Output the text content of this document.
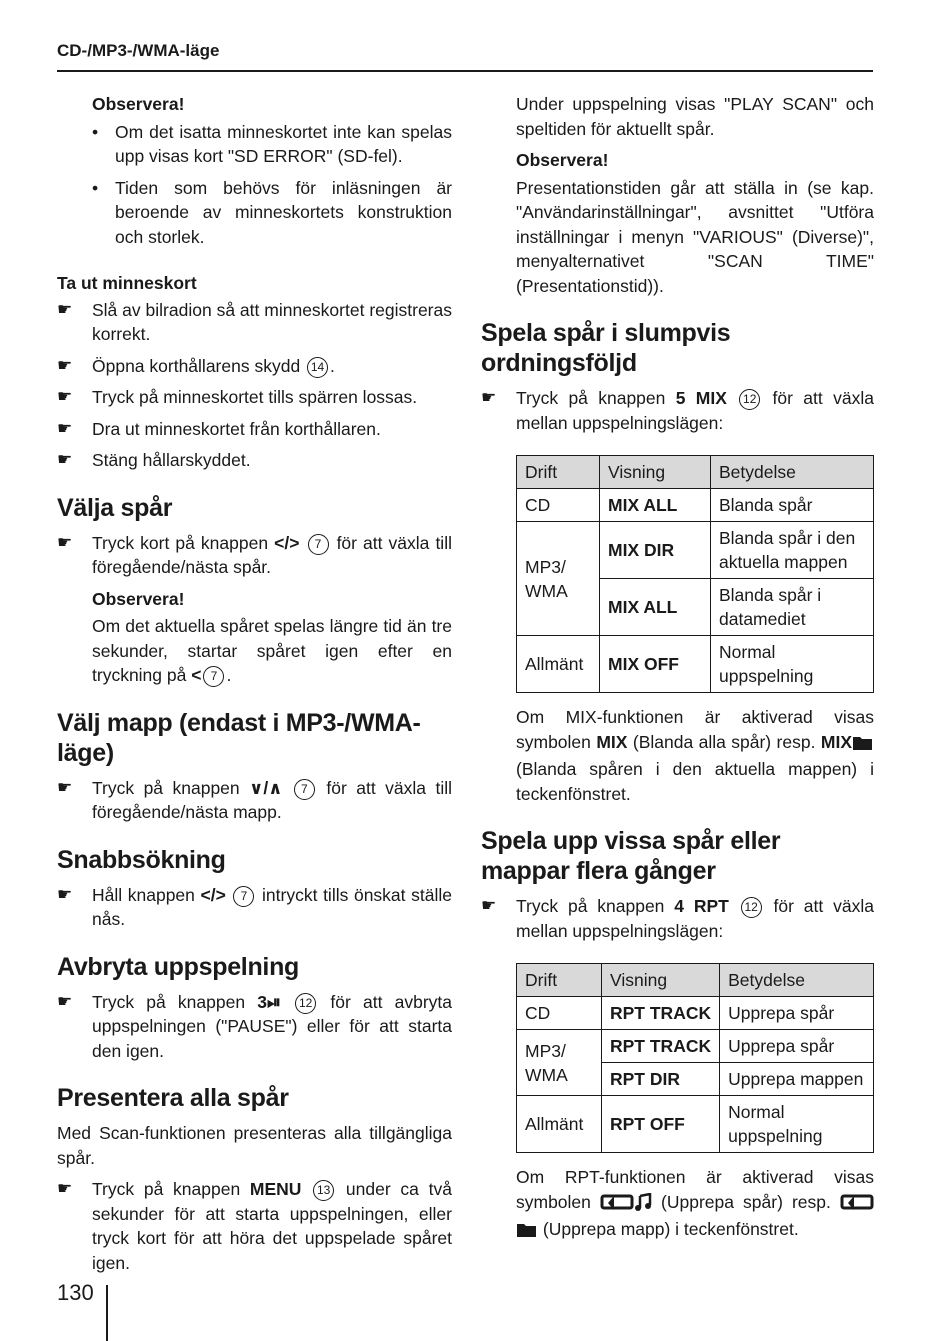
CD-/MP3-/WMA-läge
Observera!
• Om det isatta minneskortet inte kan spelas upp visas kort "SD ERROR" (SD-fel).
• Tiden som behövs för inläsningen är beroende av minneskortets konstruktion och storlek.
Ta ut minneskort
☛ Slå av bilradion så att minneskortet registreras korrekt.
☛ Öppna korthållarens skydd 14 .
☛ Tryck på minneskortet tills spärren lossas.
☛ Dra ut minneskortet från korthållaren.
☛ Stäng hållarskyddet.
Välja spår
☛ Tryck kort på knappen </> 7 för att växla till föregående/nästa spår.
Observera!

Om det aktuella spåret spelas längre tid än tre sekunder, startar spåret igen efter en tryckning på < 7 .

Välj mapp (endast i MP3-/WMA-läge)
☛ Tryck på knappen ∨/∧ 7 för att växla till föregående/nästa mapp.
Snabbsökning
☛ Håll knappen </> 7 intryckt tills önskat ställe nås.
Avbryta uppspelning
☛ Tryck på knappen 3⏯ 12 för att avbryta uppspelningen ("PAUSE") eller för att starta den igen.
Presentera alla spår

Med Scan-funktionen presenteras alla tillgängliga spår.

☛ Tryck på knappen MENU 13 under ca två sekunder för att starta uppspelningen, eller tryck kort för att höra det uppspelade spåret igen.

Under uppspelning visas "PLAY SCAN" och speltiden för aktuellt spår.

Observera!

Presentationstiden går att ställa in (se kap. "Användarinställningar", avsnittet "Utföra inställningar i menyn "VARIOUS" (Diverse)", menyalternativet "SCAN TIME" (Presentationstid)).

Spela spår i slumpvis ordningsföljd
☛ Tryck på knappen 5 MIX 12 för att växla mellan uppspelningslägen:
Drift	Visning	Betydelse
CD	MIX ALL	Blanda spår
MP3/ WMA	MIX DIR	Blanda spår i den aktuella mappen
	MIX ALL	Blanda spår i datamediet
Allmänt	MIX OFF	Normal uppspelning

Om MIX-funktionen är aktiverad visas symbolen MIX (Blanda alla spår) resp. MIX (Blanda spåren i den aktuella mappen) i teckenfönstret.

Spela upp vissa spår eller mappar flera gånger
☛ Tryck på knappen 4 RPT 12 för att växla mellan uppspelningslägen:
Drift	Visning	Betydelse
CD	RPT TRACK	Upprepa spår
MP3/ WMA	RPT TRACK	Upprepa spår
	RPT DIR	Upprepa mappen
Allmänt	RPT OFF	Normal uppspelning

Om RPT-funktionen är aktiverad visas symbolen	(Upprepa spår) resp.  (Upprepa mapp) i teckenfönstret.

130
